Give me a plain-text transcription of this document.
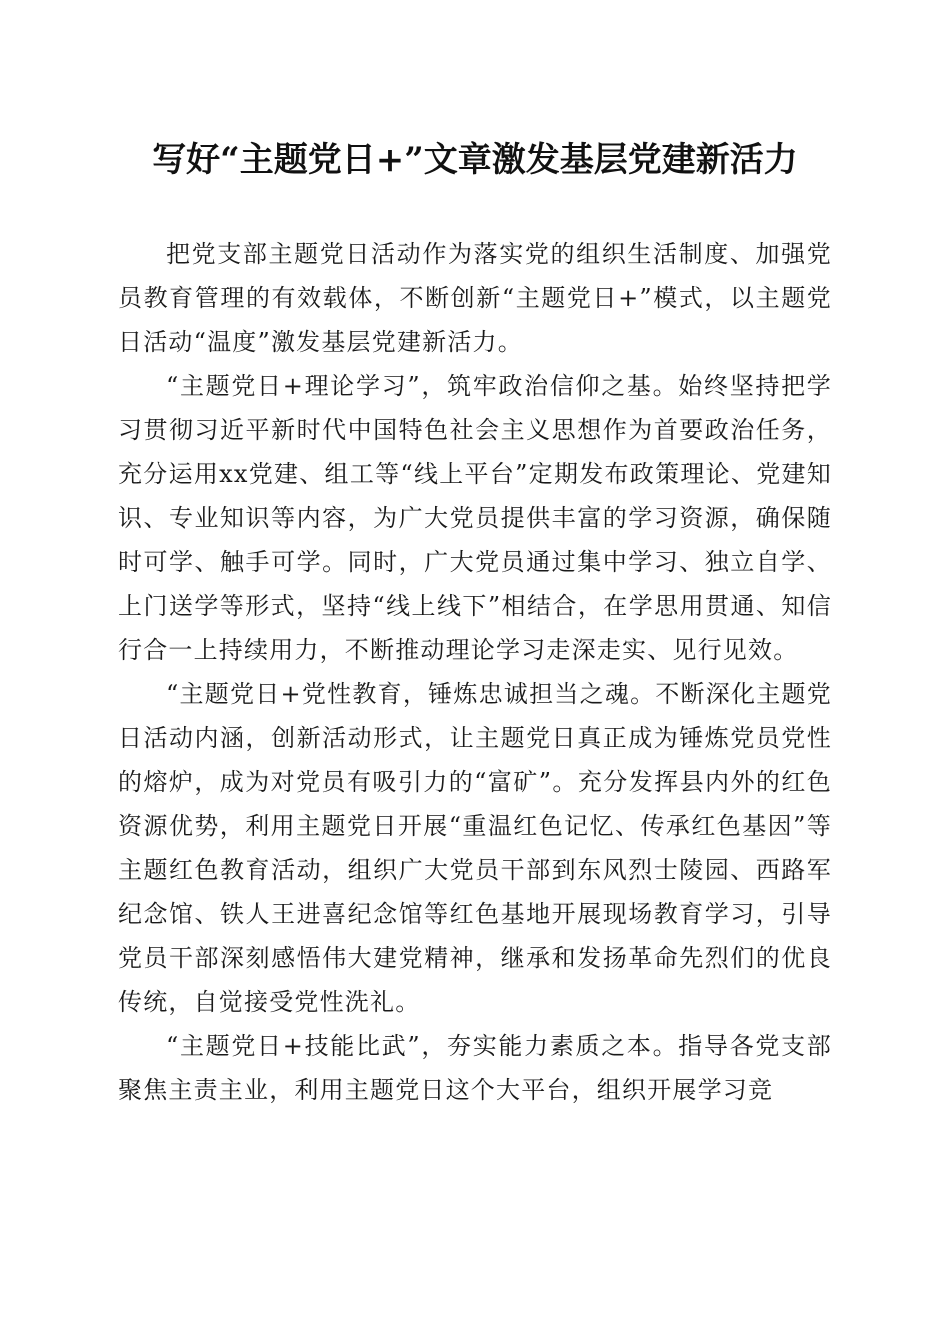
写好“主题党日+”文章激发基层党建新活力

把党支部主题党日活动作为落实党的组织生活制度、加强党员教育管理的有效载体，不断创新“主题党日+”模式，以主题党日活动“温度”激发基层党建新活力。

“主题党日+理论学习”，筑牢政治信仰之基。始终坚持把学习贯彻习近平新时代中国特色社会主义思想作为首要政治任务，充分运用xx党建、组工等“线上平台”定期发布政策理论、党建知识、专业知识等内容，为广大党员提供丰富的学习资源，确保随时可学、触手可学。同时，广大党员通过集中学习、独立自学、上门送学等形式，坚持“线上线下”相结合，在学思用贯通、知信行合一上持续用力，不断推动理论学习走深走实、见行见效。

“主题党日+党性教育，锤炼忠诚担当之魂。不断深化主题党日活动内涵，创新活动形式，让主题党日真正成为锤炼党员党性的熔炉，成为对党员有吸引力的“富矿”。充分发挥县内外的红色资源优势，利用主题党日开展“重温红色记忆、传承红色基因”等主题红色教育活动，组织广大党员干部到东风烈士陵园、西路军纪念馆、铁人王进喜纪念馆等红色基地开展现场教育学习，引导党员干部深刻感悟伟大建党精神，继承和发扬革命先烈们的优良传统，自觉接受党性洗礼。

“主题党日+技能比武”，夯实能力素质之本。指导各党支部聚焦主责主业，利用主题党日这个大平台，组织开展学习竞
